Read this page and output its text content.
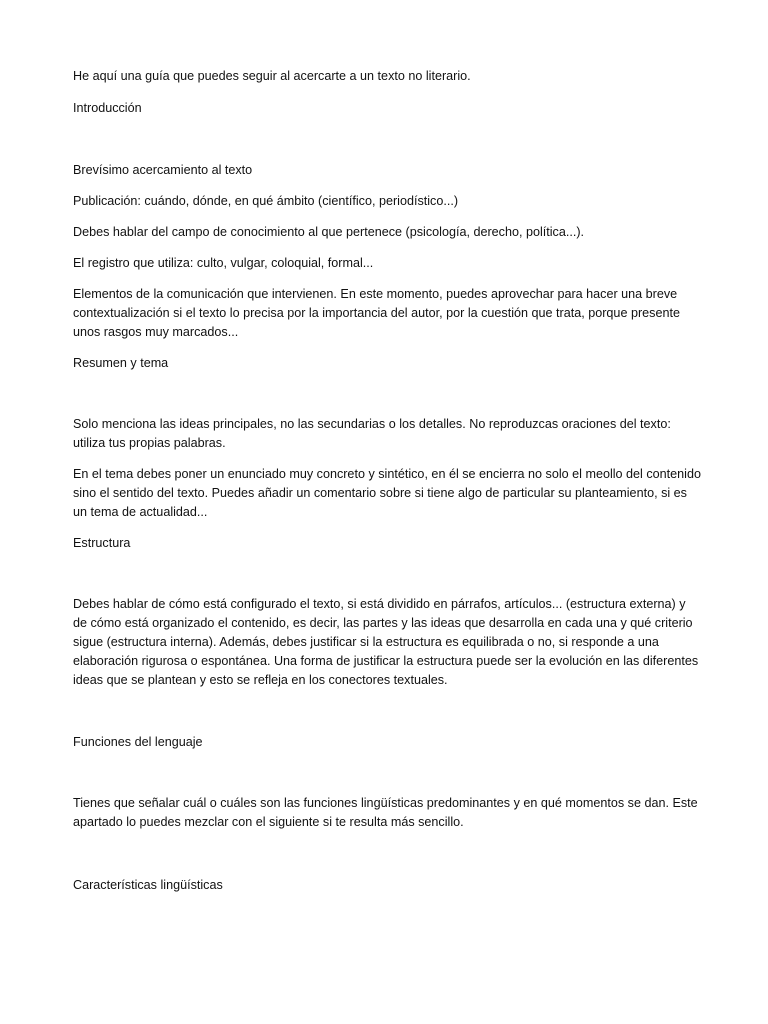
He aquí una guía que puedes seguir al acercarte a un texto no literario.

Introducción

Brevísimo acercamiento al texto

Publicación: cuándo, dónde, en qué ámbito (científico, periodístico...)

Debes hablar del campo de conocimiento al que pertenece (psicología, derecho, política...).

El registro que utiliza: culto, vulgar, coloquial, formal...

Elementos de la comunicación que intervienen. En este momento, puedes aprovechar para hacer una breve contextualización si el texto lo precisa por la importancia del autor, por la cuestión que trata, porque presente unos rasgos muy marcados...

Resumen y tema

Solo menciona las ideas principales, no las secundarias o los detalles. No reproduzcas oraciones del texto: utiliza tus propias palabras.

En el tema debes poner un enunciado muy concreto y sintético, en él se encierra no solo el meollo del contenido sino el sentido del texto. Puedes añadir un comentario sobre si tiene algo de particular su planteamiento, si es un tema de actualidad...

Estructura

Debes hablar de cómo está configurado el texto, si está dividido en párrafos, artículos... (estructura externa) y de cómo está organizado el contenido, es decir, las partes y las ideas que desarrolla en cada una y qué criterio sigue (estructura interna). Además, debes justificar si la estructura es equilibrada o no, si responde a una elaboración rigurosa o espontánea. Una forma de justificar la estructura puede ser la evolución en las diferentes ideas que se plantean y esto se refleja en los conectores textuales.

Funciones del lenguaje

Tienes que señalar cuál o cuáles son las funciones lingüísticas predominantes y en qué momentos se dan. Este apartado lo puedes mezclar con el siguiente si te resulta más sencillo.

Características lingüísticas
